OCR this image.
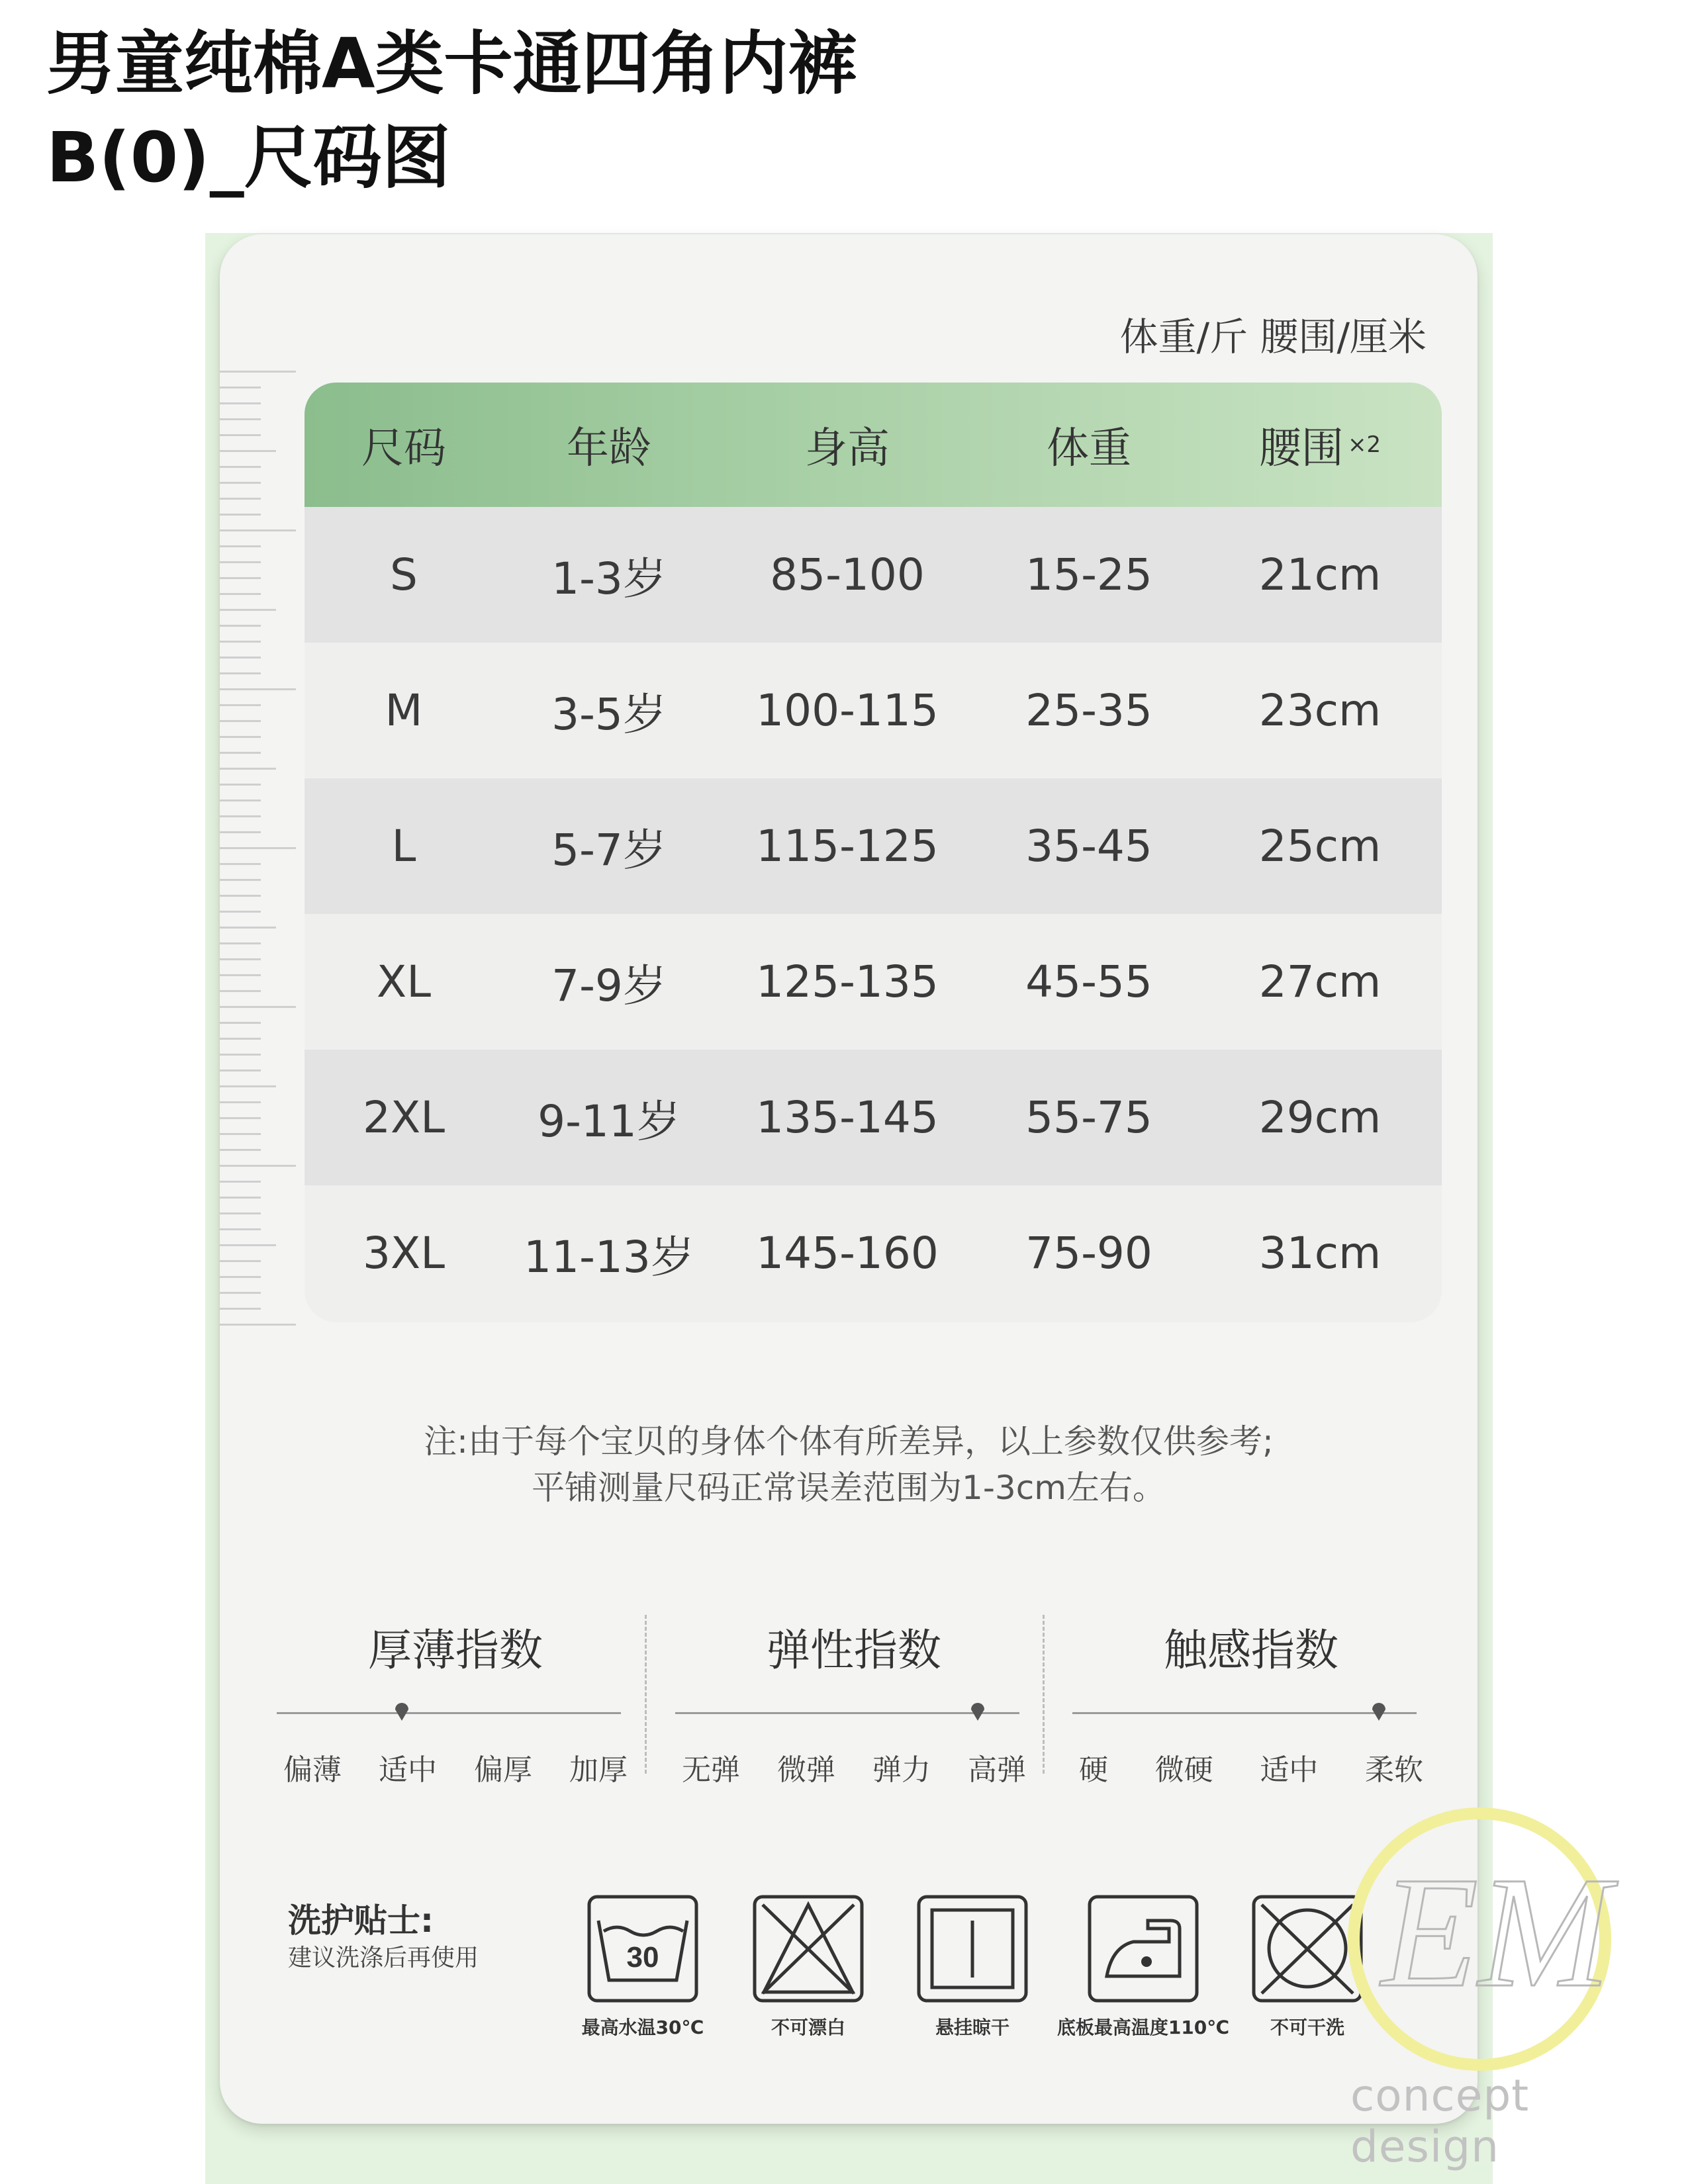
男童纯棉A类卡通四角内裤
B(0)_尺码图
体重/斤 腰围/厘米
尺码	年龄	身高	体重	腰围 ×2
S	1-3岁	85-100	15-25	21cm
M	3-5岁	100-115	25-35	23cm
L	5-7岁	115-125	35-45	25cm
XL	7-9岁	125-135	45-55	27cm
2XL	9-11岁	135-145	55-75	29cm
3XL	11-13岁	145-160	75-90	31cm
注:由于每个宝贝的身体个体有所差异，以上参数仅供参考;
平铺测量尺码正常误差范围为1-3cm左右。
厚薄指数
偏薄 适中 偏厚 加厚
弹性指数
无弹 微弹 弹力 高弹
触感指数
硬 微硬 适中 柔软
洗护贴士:
建议洗涤后再使用	30
最高水温30℃	不可漂白	悬挂晾干	底板最高温度110℃	不可干洗
EM
concept design
